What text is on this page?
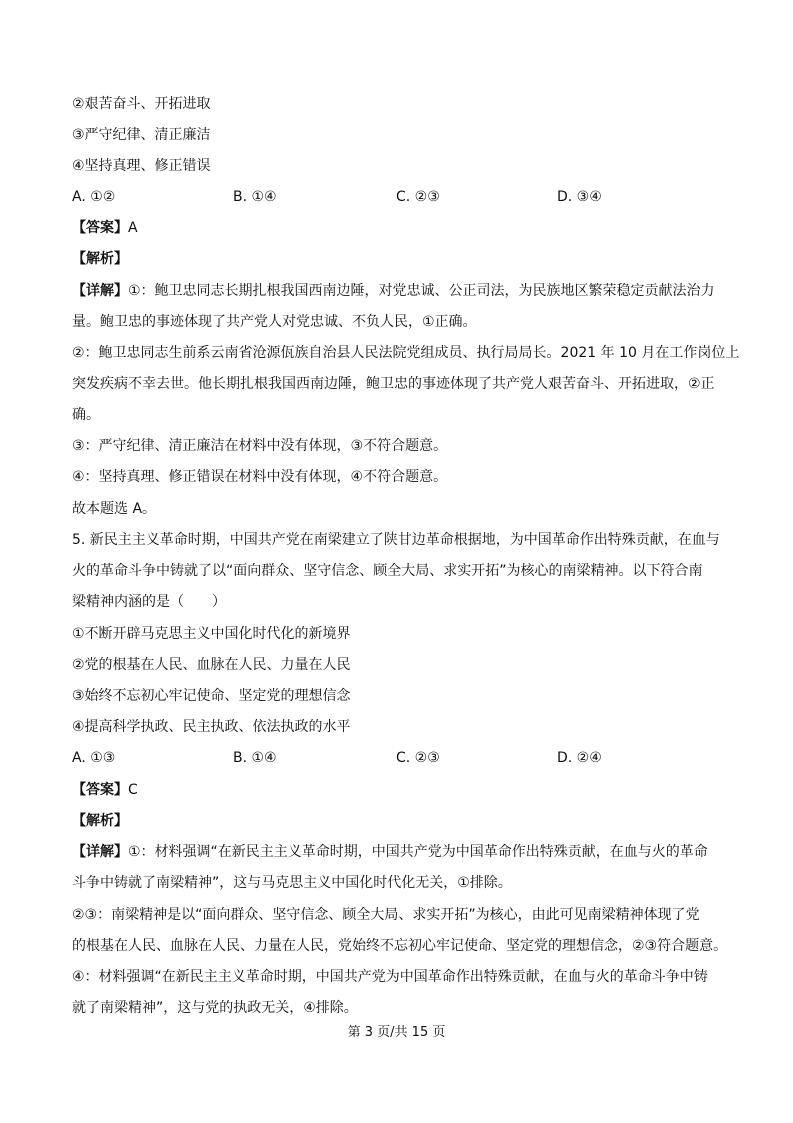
②艰苦奋斗、开拓进取
③严守纪律、清正廉洁
④坚持真理、修正错误
A. ①②	B. ①④	C. ②③	D. ③④
【答案】A
【解析】
【详解】①：鲍卫忠同志长期扎根我国西南边陲，对党忠诚、公正司法，为民族地区繁荣稳定贡献法治力
量。鲍卫忠的事迹体现了共产党人对党忠诚、不负人民，①正确。
②：鲍卫忠同志生前系云南省沧源佤族自治县人民法院党组成员、执行局局长。2021 年 10 月在工作岗位上
突发疾病不幸去世。他长期扎根我国西南边陲，鲍卫忠的事迹体现了共产党人艰苦奋斗、开拓进取，②正
确。
③：严守纪律、清正廉洁在材料中没有体现，③不符合题意。
④：坚持真理、修正错误在材料中没有体现，④不符合题意。
故本题选 A。
5. 新民主主义革命时期，中国共产党在南梁建立了陕甘边革命根据地，为中国革命作出特殊贡献，在血与
火的革命斗争中铸就了以“面向群众、坚守信念、顾全大局、求实开拓”为核心的南梁精神。以下符合南
梁精神内涵的是（　　）
①不断开辟马克思主义中国化时代化的新境界
②党的根基在人民、血脉在人民、力量在人民
③始终不忘初心牢记使命、坚定党的理想信念
④提高科学执政、民主执政、依法执政的水平
A. ①③	B. ①④	C. ②③	D. ②④
【答案】C
【解析】
【详解】①：材料强调“在新民主主义革命时期，中国共产党为中国革命作出特殊贡献，在血与火的革命
斗争中铸就了南梁精神”，这与马克思主义中国化时代化无关，①排除。
②③：南梁精神是以“面向群众、坚守信念、顾全大局、求实开拓”为核心，由此可见南梁精神体现了党
的根基在人民、血脉在人民、力量在人民，党始终不忘初心牢记使命、坚定党的理想信念，②③符合题意。
④：材料强调“在新民主主义革命时期，中国共产党为中国革命作出特殊贡献，在血与火的革命斗争中铸
就了南梁精神”，这与党的执政无关，④排除。
第 3 页/共 15 页
